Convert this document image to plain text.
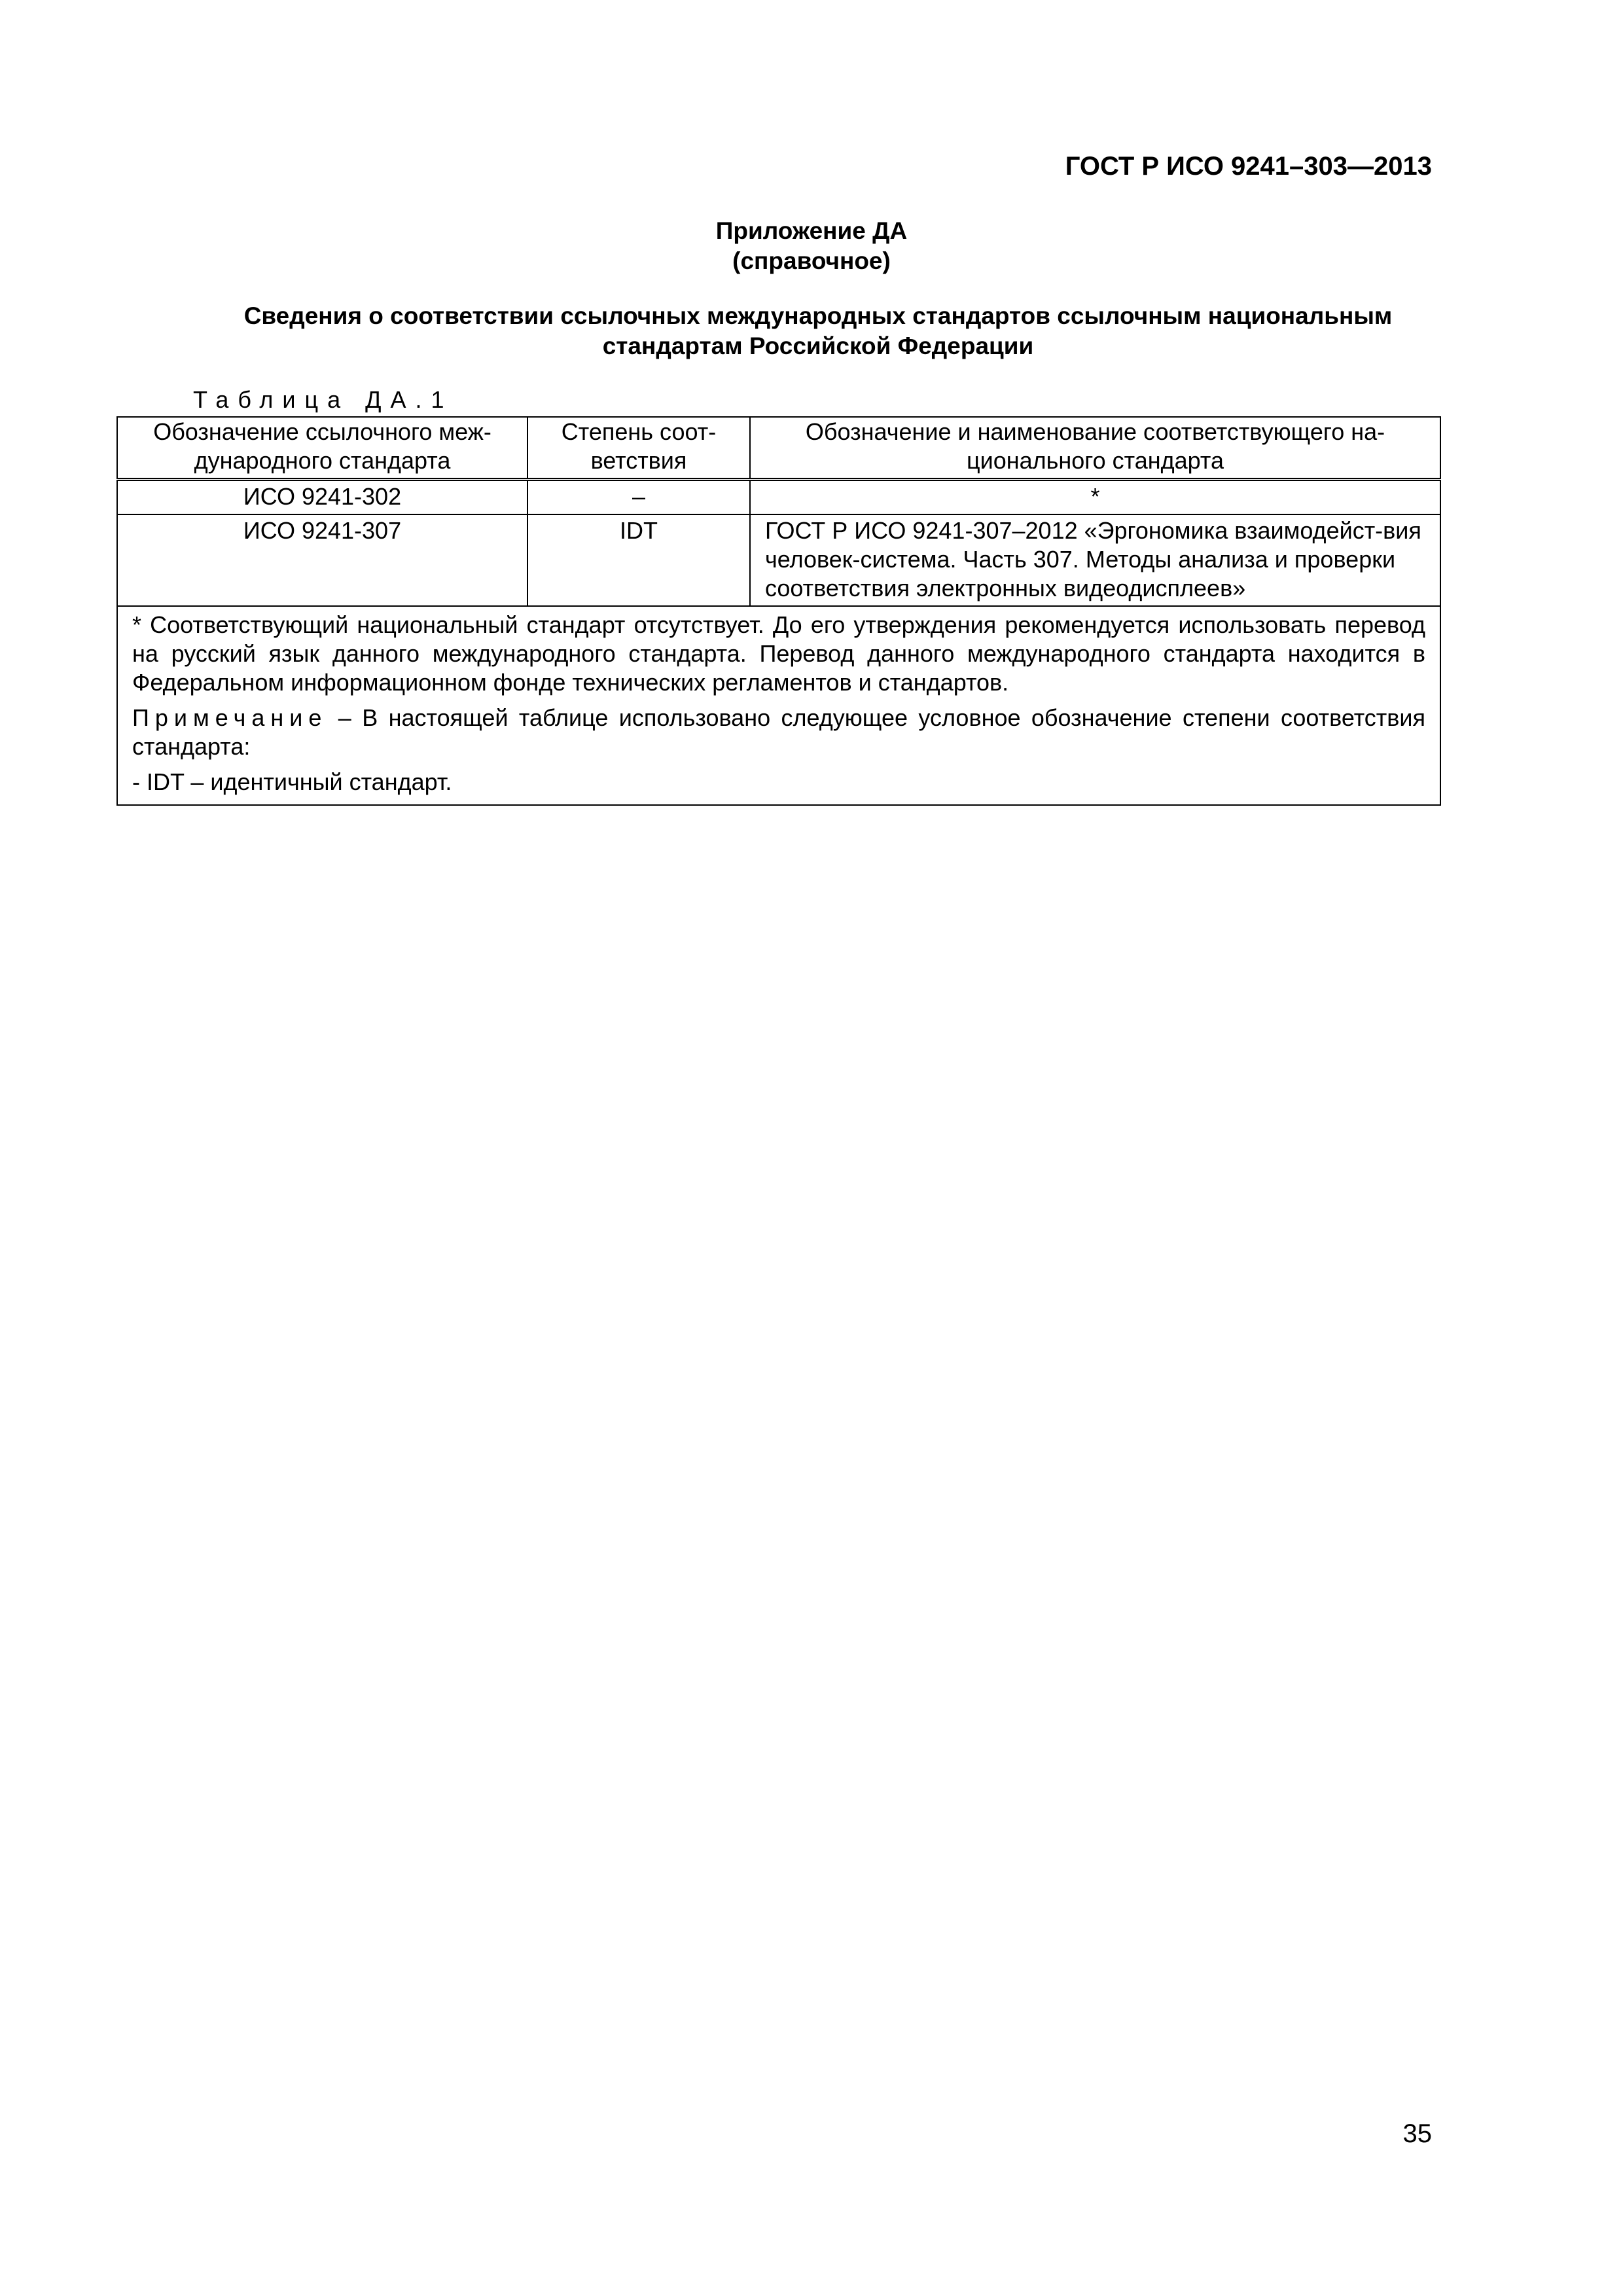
ГОСТ Р ИСО 9241–303—2013
Приложение ДА
(справочное)
Сведения о соответствии ссылочных международных стандартов ссылочным национальным
стандартам Российской Федерации
Таблица ДА.1
Обозначение ссылочного меж-дународного стандарта	Степень соот-ветствия	Обозначение и наименование соответствующего на-ционального стандарта
ИСО 9241-302	–	*
ИСО 9241-307	IDT	ГОСТ Р ИСО 9241-307–2012 «Эргономика взаимодейст-вия человек-система. Часть 307. Методы анализа и проверки соответствия электронных видеодисплеев»

* Соответствующий национальный стандарт отсутствует. До его утверждения рекомендуется использовать перевод на русский язык данного международного стандарта. Перевод данного международного стандарта находится в Федеральном информационном фонде технических регламентов и стандартов.

Примечание – В настоящей таблице использовано следующее условное обозначение степени соответствия стандарта:

- IDT – идентичный стандарт.		

35
